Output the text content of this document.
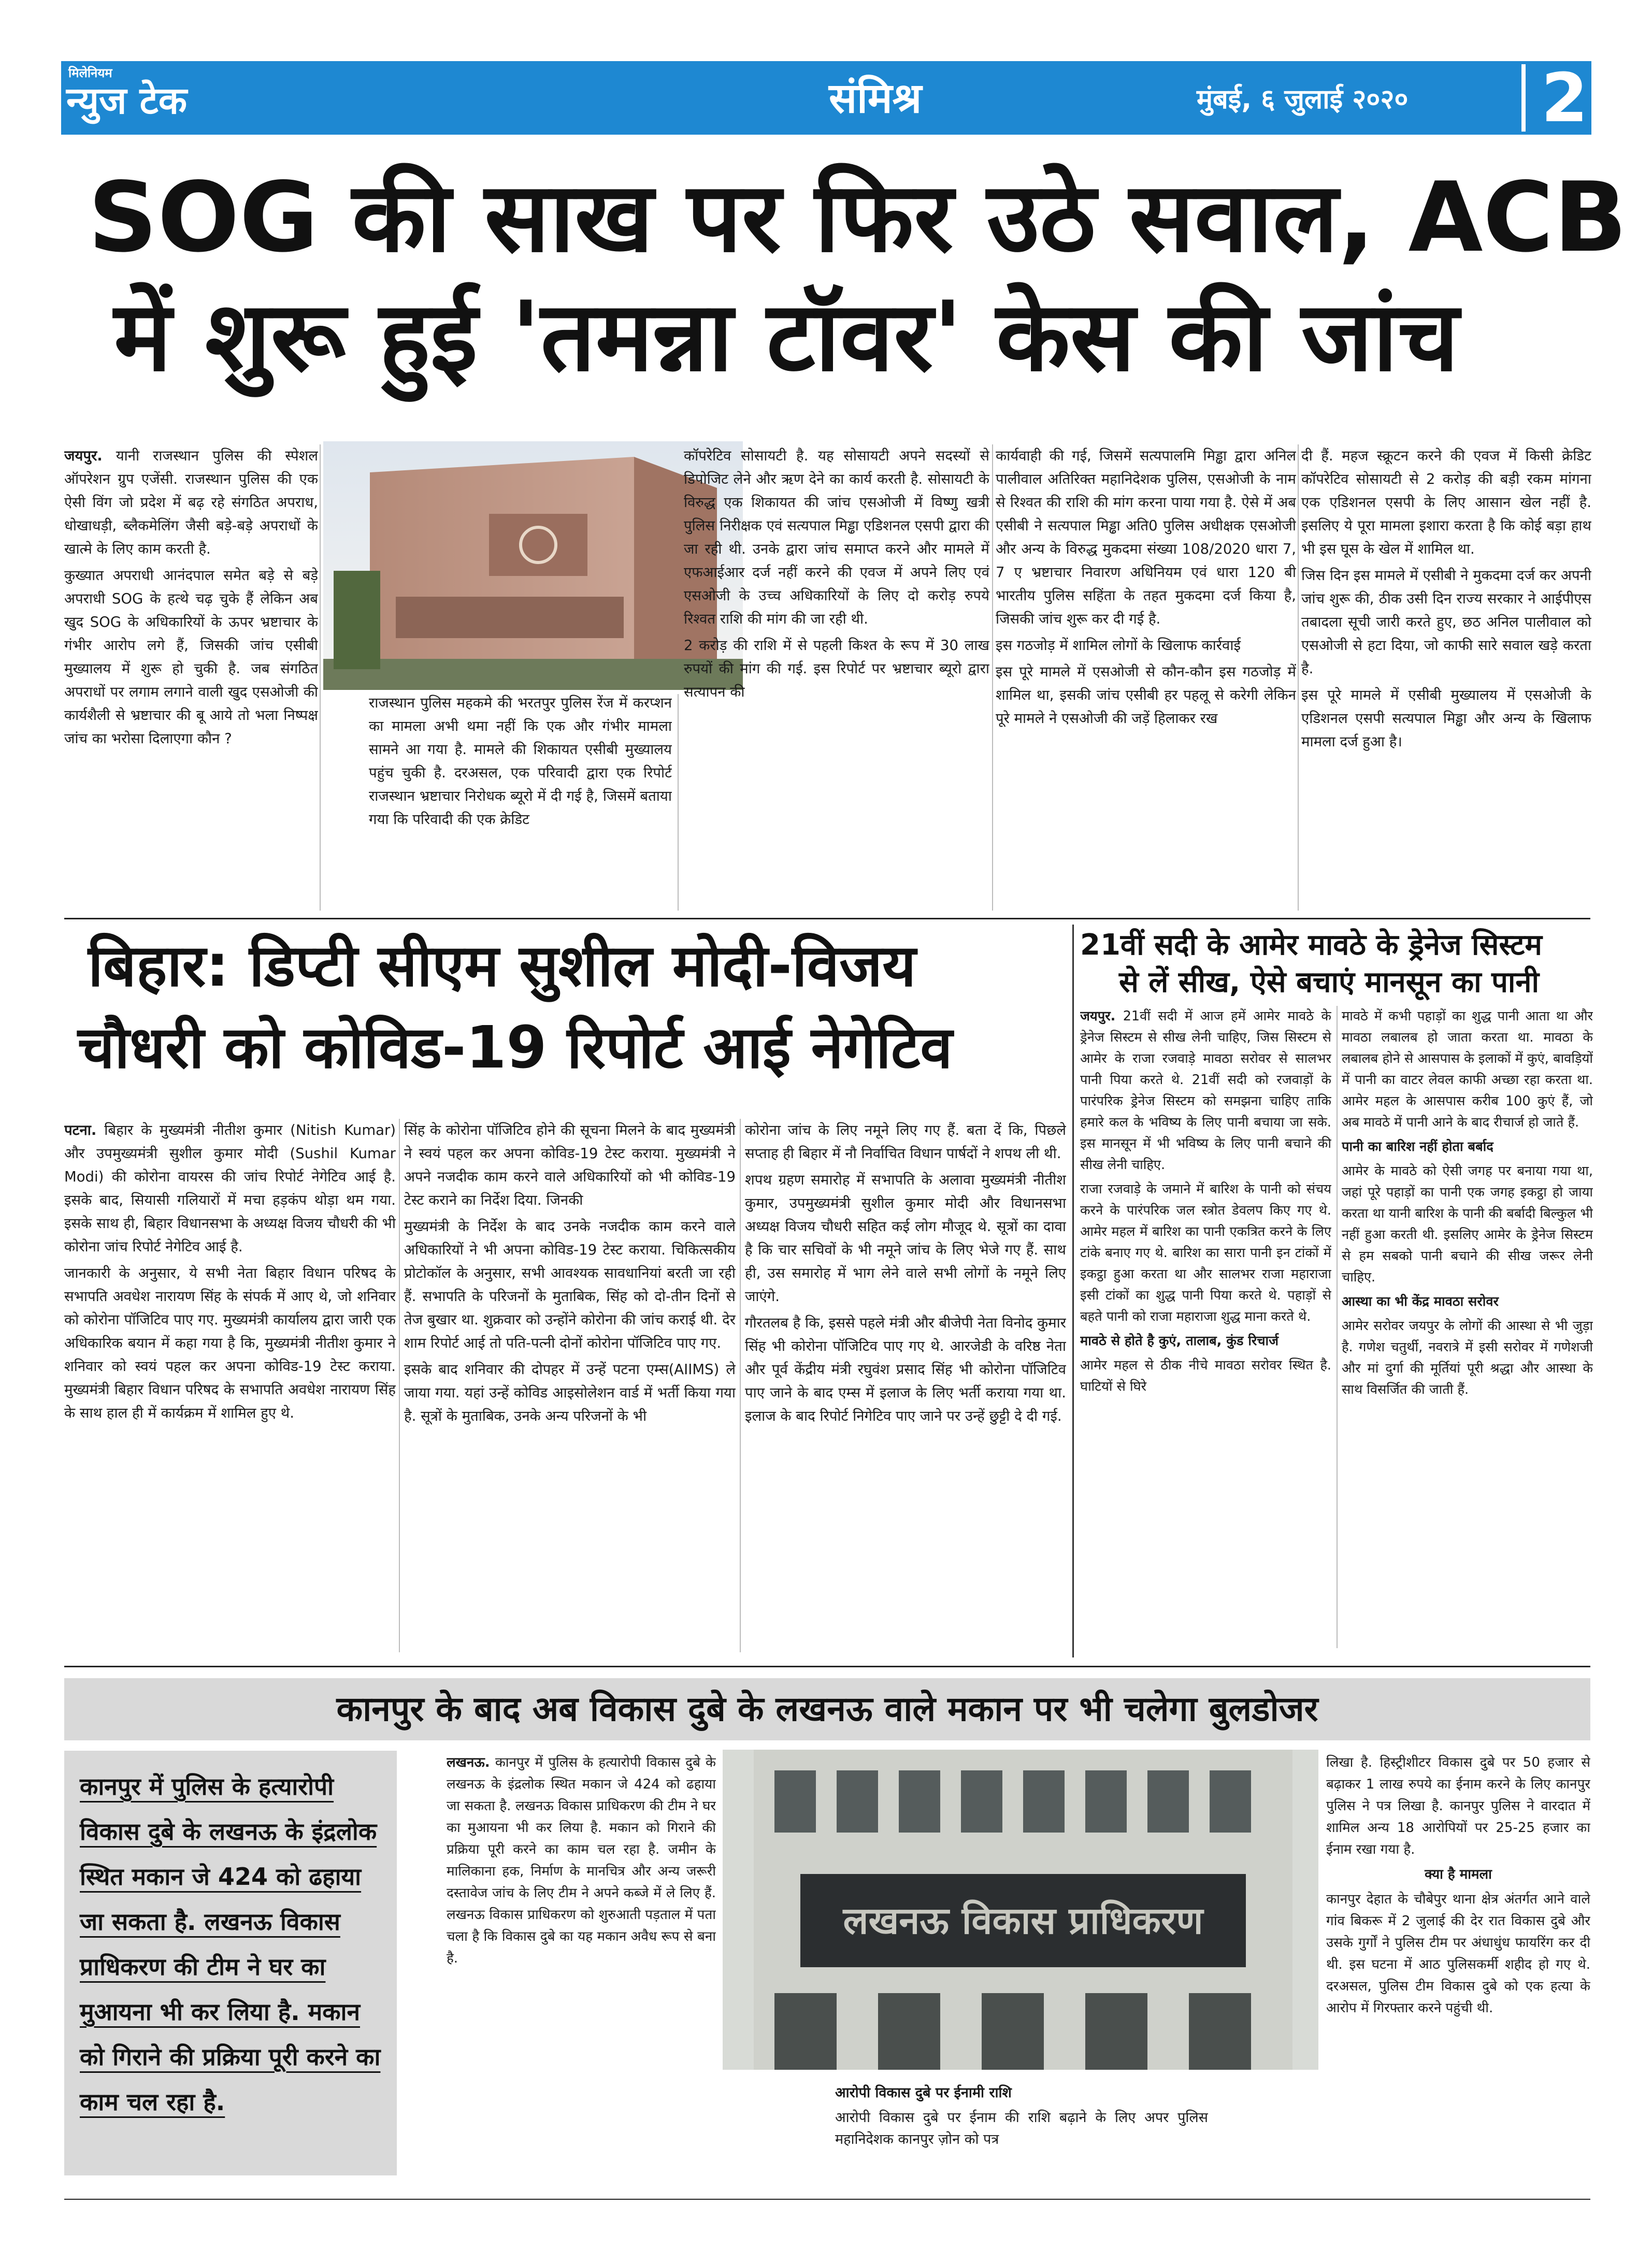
मिलेनियम
न्युज टेक	संमिश्र	मुंबई, ६ जुलाई २०२० 2
SOG की साख पर फिर उठे सवाल, ACB
में शुरू हुई 'तमन्ना टॉवर' केस की जांच

जयपुर. यानी राजस्थान पुलिस की स्पेशल ऑपरेशन ग्रुप एजेंसी. राजस्थान पुलिस की एक ऐसी विंग जो प्रदेश में बढ़ रहे संगठित अपराध, धोखाधड़ी, ब्लैकमेलिंग जैसी बड़े-बड़े अपराधों के खात्मे के लिए काम करती है.

कुख्यात अपराधी आनंदपाल समेत बड़े से बड़े अपराधी SOG के हत्थे चढ़ चुके हैं लेकिन अब खुद SOG के अधिकारियों के ऊपर भ्रष्टाचार के गंभीर आरोप लगे हैं, जिसकी जांच एसीबी मुख्यालय में शुरू हो चुकी है. जब संगठित अपराधों पर लगाम लगाने वाली खुद एसओजी की कार्यशैली से भ्रष्टाचार की बू आये तो भला निष्पक्ष जांच का भरोसा दिलाएगा कौन ?

राजस्थान पुलिस महकमे की भरतपुर पुलिस रेंज में करप्शन का मामला अभी थमा नहीं कि एक और गंभीर मामला सामने आ गया है. मामले की शिकायत एसीबी मुख्यालय पहुंच चुकी है. दरअसल, एक परिवादी द्वारा एक रिपोर्ट राजस्थान भ्रष्टाचार निरोधक ब्यूरो में दी गई है, जिसमें बताया गया कि परिवादी की एक क्रेडिट

कॉपरेटिव सोसायटी है. यह सोसायटी अपने सदस्यों से डिपोजिट लेने और ऋण देने का कार्य करती है. सोसायटी के विरुद्ध एक शिकायत की जांच एसओजी में विष्णु खत्री पुलिस निरीक्षक एवं सत्यपाल मिड्ढा एडिशनल एसपी द्वारा की जा रही थी. उनके द्वारा जांच समाप्त करने और मामले में एफआईआर दर्ज नहीं करने की एवज में अपने लिए एवं एसओजी के उच्च अधिकारियों के लिए दो करोड़ रुपये रिश्वत राशि की मांग की जा रही थी.

2 करोड़ की राशि में से पहली किश्त के रूप में 30 लाख रुपयों की मांग की गई. इस रिपोर्ट पर भ्रष्टाचार ब्यूरो द्वारा सत्यापन की

कार्यवाही की गई, जिसमें सत्यपालमि मिड्ढा द्वारा अनिल पालीवाल अतिरिक्त महानिदेशक पुलिस, एसओजी के नाम से रिश्वत की राशि की मांग करना पाया गया है. ऐसे में अब एसीबी ने सत्यपाल मिड्ढा अति0 पुलिस अधीक्षक एसओजी और अन्य के विरुद्ध मुकदमा संख्या 108/2020 धारा 7, 7 ए भ्रष्टाचार निवारण अधिनियम एवं धारा 120 बी भारतीय पुलिस सहिंता के तहत मुकदमा दर्ज किया है, जिसकी जांच शुरू कर दी गई है.

इस गठजोड़ में शामिल लोगों के खिलाफ कार्रवाई

इस पूरे मामले में एसओजी से कौन-कौन इस गठजोड़ में शामिल था, इसकी जांच एसीबी हर पहलू से करेगी लेकिन पूरे मामले ने एसओजी की जड़ें हिलाकर रख

दी हैं. महज स्क्रूटन करने की एवज में किसी क्रेडिट कॉपरेटिव सोसायटी से 2 करोड़ की बड़ी रकम मांगना एक एडिशनल एसपी के लिए आसान खेल नहीं है. इसलिए ये पूरा मामला इशारा करता है कि कोई बड़ा हाथ भी इस घूस के खेल में शामिल था.

जिस दिन इस मामले में एसीबी ने मुकदमा दर्ज कर अपनी जांच शुरू की, ठीक उसी दिन राज्य सरकार ने आईपीएस तबादला सूची जारी करते हुए, छठ अनिल पालीवाल को एसओजी से हटा दिया, जो काफी सारे सवाल खड़े करता है.

इस पूरे मामले में एसीबी मुख्यालय में एसओजी के एडिशनल एसपी सत्यपाल मिड्ढा और अन्य के खिलाफ मामला दर्ज हुआ है।

बिहार: डिप्टी सीएम सुशील मोदी-विजय
चौधरी को कोविड-19 रिपोर्ट आई नेगेटिव

पटना. बिहार के मुख्यमंत्री नीतीश कुमार (Nitish Kumar) और उपमुख्यमंत्री सुशील कुमार मोदी (Sushil Kumar Modi) की कोरोना वायरस की जांच रिपोर्ट नेगेटिव आई है. इसके बाद, सियासी गलियारों में मचा हड़कंप थोड़ा थम गया. इसके साथ ही, बिहार विधानसभा के अध्यक्ष विजय चौधरी की भी कोरोना जांच रिपोर्ट नेगेटिव आई है.

जानकारी के अनुसार, ये सभी नेता बिहार विधान परिषद के सभापति अवधेश नारायण सिंह के संपर्क में आए थे, जो शनिवार को कोरोना पॉजिटिव पाए गए. मुख्यमंत्री कार्यालय द्वारा जारी एक अधिकारिक बयान में कहा गया है कि, मुख्यमंत्री नीतीश कुमार ने शनिवार को स्वयं पहल कर अपना कोविड-19 टेस्ट कराया. मुख्यमंत्री बिहार विधान परिषद के सभापति अवधेश नारायण सिंह के साथ हाल ही में कार्यक्रम में शामिल हुए थे.

सिंह के कोरोना पॉजिटिव होने की सूचना मिलने के बाद मुख्यमंत्री ने स्वयं पहल कर अपना कोविड-19 टेस्ट कराया. मुख्यमंत्री ने अपने नजदीक काम करने वाले अधिकारियों को भी कोविड-19 टेस्ट कराने का निर्देश दिया. जिनकी

मुख्यमंत्री के निर्देश के बाद उनके नजदीक काम करने वाले अधिकारियों ने भी अपना कोविड-19 टेस्ट कराया. चिकित्सकीय प्रोटोकॉल के अनुसार, सभी आवश्यक सावधानियां बरती जा रही हैं. सभापति के परिजनों के मुताबिक, सिंह को दो-तीन दिनों से तेज बुखार था. शुक्रवार को उन्होंने कोरोना की जांच कराई थी. देर शाम रिपोर्ट आई तो पति-पत्नी दोनों कोरोना पॉजिटिव पाए गए.

इसके बाद शनिवार की दोपहर में उन्हें पटना एम्स(AIIMS) ले जाया गया. यहां उन्हें कोविड आइसोलेशन वार्ड में भर्ती किया गया है. सूत्रों के मुताबिक, उनके अन्य परिजनों के भी

कोरोना जांच के लिए नमूने लिए गए हैं. बता दें कि, पिछले सप्ताह ही बिहार में नौ निर्वाचित विधान पार्षदों ने शपथ ली थी.

शपथ ग्रहण समारोह में सभापति के अलावा मुख्यमंत्री नीतीश कुमार, उपमुख्यमंत्री सुशील कुमार मोदी और विधानसभा अध्यक्ष विजय चौधरी सहित कई लोग मौजूद थे. सूत्रों का दावा है कि चार सचिवों के भी नमूने जांच के लिए भेजे गए हैं. साथ ही, उस समारोह में भाग लेने वाले सभी लोगों के नमूने लिए जाएंगे.

गौरतलब है कि, इससे पहले मंत्री और बीजेपी नेता विनोद कुमार सिंह भी कोरोना पॉजिटिव पाए गए थे. आरजेडी के वरिष्ठ नेता और पूर्व केंद्रीय मंत्री रघुवंश प्रसाद सिंह भी कोरोना पॉजिटिव पाए जाने के बाद एम्स में इलाज के लिए भर्ती कराया गया था. इलाज के बाद रिपोर्ट निगेटिव पाए जाने पर उन्हें छुट्टी दे दी गई.

21वीं सदी के आमेर मावठे के ड्रेनेज सिस्टम
से लें सीख, ऐसे बचाएं मानसून का पानी

जयपुर. 21वीं सदी में आज हमें आमेर मावठे के ड्रेनेज सिस्टम से सीख लेनी चाहिए, जिस सिस्टम से आमेर के राजा रजवाड़े मावठा सरोवर से सालभर पानी पिया करते थे. 21वीं सदी को रजवाड़ों के पारंपरिक ड्रेनेज सिस्टम को समझना चाहिए ताकि हमारे कल के भविष्य के लिए पानी बचाया जा सके. इस मानसून में भी भविष्य के लिए पानी बचाने की सीख लेनी चाहिए.

राजा रजवाड़े के जमाने में बारिश के पानी को संचय करने के पारंपरिक जल स्त्रोत डेवलप किए गए थे. आमेर महल में बारिश का पानी एकत्रित करने के लिए टांके बनाए गए थे. बारिश का सारा पानी इन टांकों में इकट्ठा हुआ करता था और सालभर राजा महाराजा इसी टांकों का शुद्ध पानी पिया करते थे. पहाड़ों से बहते पानी को राजा महाराजा शुद्ध माना करते थे.

मावठे से होते है कुएं, तालाब, कुंड रिचार्ज

आमेर महल से ठीक नीचे मावठा सरोवर स्थित है. घाटियों से घिरे

मावठे में कभी पहाड़ों का शुद्ध पानी आता था और मावठा लबालब हो जाता करता था. मावठा के लबालब होने से आसपास के इलाकों में कुएं, बावड़ियों में पानी का वाटर लेवल काफी अच्छा रहा करता था. आमेर महल के आसपास करीब 100 कुएं हैं, जो अब मावठे में पानी आने के बाद रीचार्ज हो जाते हैं.

पानी का बारिश नहीं होता बर्बाद

आमेर के मावठे को ऐसी जगह पर बनाया गया था, जहां पूरे पहाड़ों का पानी एक जगह इकट्ठा हो जाया करता था यानी बारिश के पानी की बर्बादी बिल्कुल भी नहीं हुआ करती थी. इसलिए आमेर के ड्रेनेज सिस्टम से हम सबको पानी बचाने की सीख जरूर लेनी चाहिए.

आस्था का भी केंद्र मावठा सरोवर

आमेर सरोवर जयपुर के लोगों की आस्था से भी जुड़ा है. गणेश चतुर्थी, नवरात्रे में इसी सरोवर में गणेशजी और मां दुर्गा की मूर्तियां पूरी श्रद्धा और आस्था के साथ विसर्जित की जाती हैं.

कानपुर के बाद अब विकास दुबे के लखनऊ वाले मकान पर भी चलेगा बुलडोजर
कानपुर में पुलिस के हत्यारोपी विकास दुबे के लखनऊ के इंद्रलोक स्थित मकान जे 424 को ढहाया जा सकता है. लखनऊ विकास प्राधिकरण की टीम ने घर का मुआयना भी कर लिया है. मकान को गिराने की प्रक्रिया पूरी करने का काम चल रहा है.

लखनऊ. कानपुर में पुलिस के हत्यारोपी विकास दुबे के लखनऊ के इंद्रलोक स्थित मकान जे 424 को ढहाया जा सकता है. लखनऊ विकास प्राधिकरण की टीम ने घर का मुआयना भी कर लिया है. मकान को गिराने की प्रक्रिया पूरी करने का काम चल रहा है. जमीन के मालिकाना हक, निर्माण के मानचित्र और अन्य जरूरी दस्तावेज जांच के लिए टीम ने अपने कब्जे में ले लिए हैं. लखनऊ विकास प्राधिकरण को शुरुआती पड़ताल में पता चला है कि विकास दुबे का यह मकान अवैध रूप से बना है.

लखनऊ विकास प्राधिकरण

आरोपी विकास दुबे पर ईनामी राशि

आरोपी विकास दुबे पर ईनाम की राशि बढ़ाने के लिए अपर पुलिस महानिदेशक कानपुर ज़ोन को पत्र

लिखा है. हिस्ट्रीशीटर विकास दुबे पर 50 हजार से बढ़ाकर 1 लाख रुपये का ईनाम करने के लिए कानपुर पुलिस ने पत्र लिखा है. कानपुर पुलिस ने वारदात में शामिल अन्य 18 आरोपियों पर 25-25 हजार का ईनाम रखा गया है.

क्या है मामला

कानपुर देहात के चौबेपुर थाना क्षेत्र अंतर्गत आने वाले गांव बिकरू में 2 जुलाई की देर रात विकास दुबे और उसके गुर्गों ने पुलिस टीम पर अंधाधुंध फायरिंग कर दी थी. इस घटना में आठ पुलिसकर्मी शहीद हो गए थे. दरअसल, पुलिस टीम विकास दुबे को एक हत्या के आरोप में गिरफ्तार करने पहुंची थी.
